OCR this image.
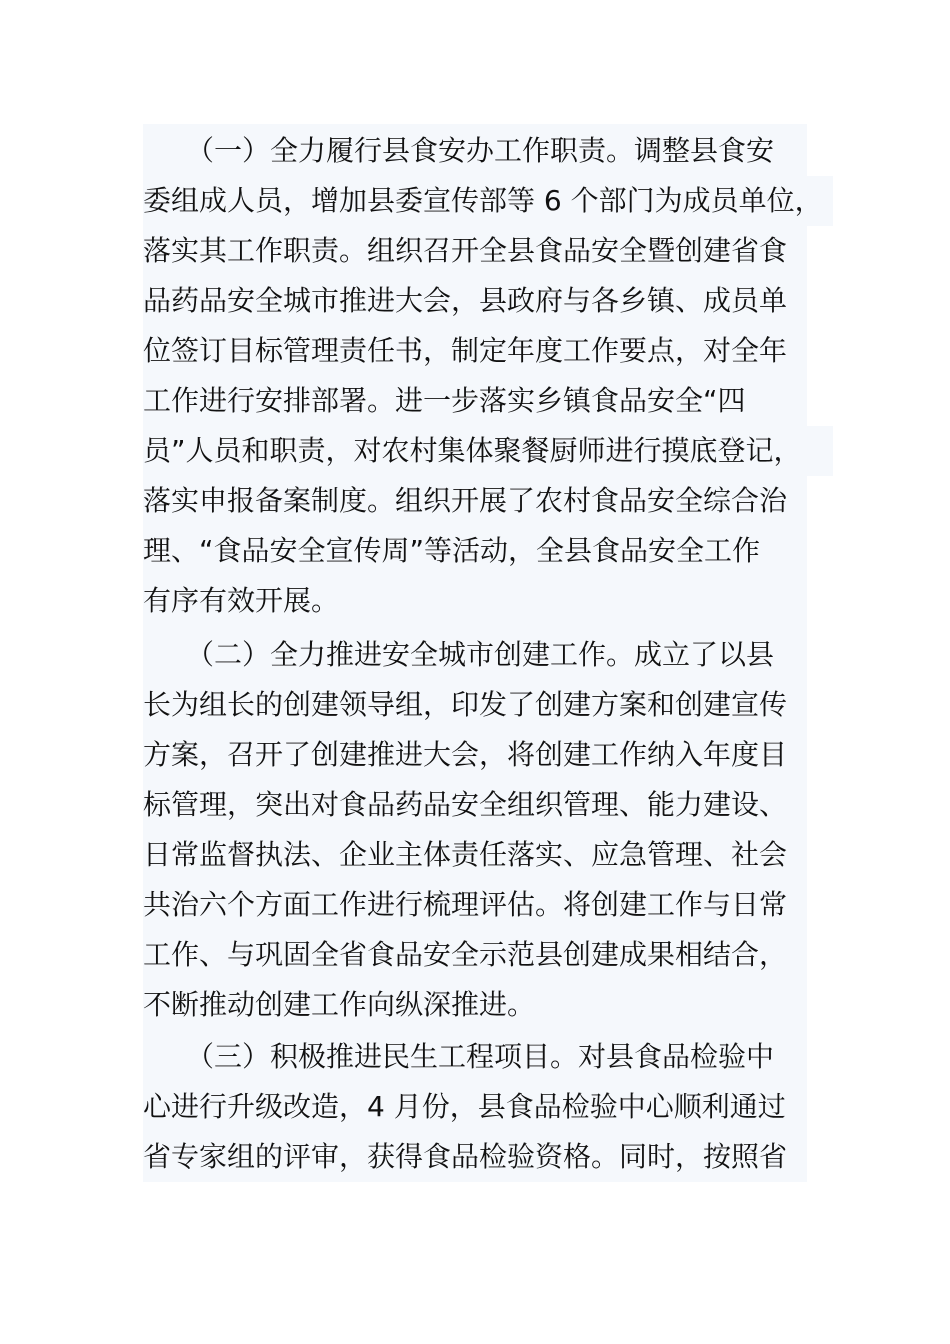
（一）全力履行县食安办工作职责。调整县食安
委组成人员，增加县委宣传部等 6 个部门为成员单位，
落实其工作职责。组织召开全县食品安全暨创建省食
品药品安全城市推进大会，县政府与各乡镇、成员单
位签订目标管理责任书，制定年度工作要点，对全年
工作进行安排部署。进一步落实乡镇食品安全“四
员”人员和职责，对农村集体聚餐厨师进行摸底登记，
落实申报备案制度。组织开展了农村食品安全综合治
理、“食品安全宣传周”等活动，全县食品安全工作
有序有效开展。
（二）全力推进安全城市创建工作。成立了以县
长为组长的创建领导组，印发了创建方案和创建宣传
方案，召开了创建推进大会，将创建工作纳入年度目
标管理，突出对食品药品安全组织管理、能力建设、
日常监督执法、企业主体责任落实、应急管理、社会
共治六个方面工作进行梳理评估。将创建工作与日常
工作、与巩固全省食品安全示范县创建成果相结合，
不断推动创建工作向纵深推进。
（三）积极推进民生工程项目。对县食品检验中
心进行升级改造，4 月份，县食品检验中心顺利通过
省专家组的评审，获得食品检验资格。同时，按照省
